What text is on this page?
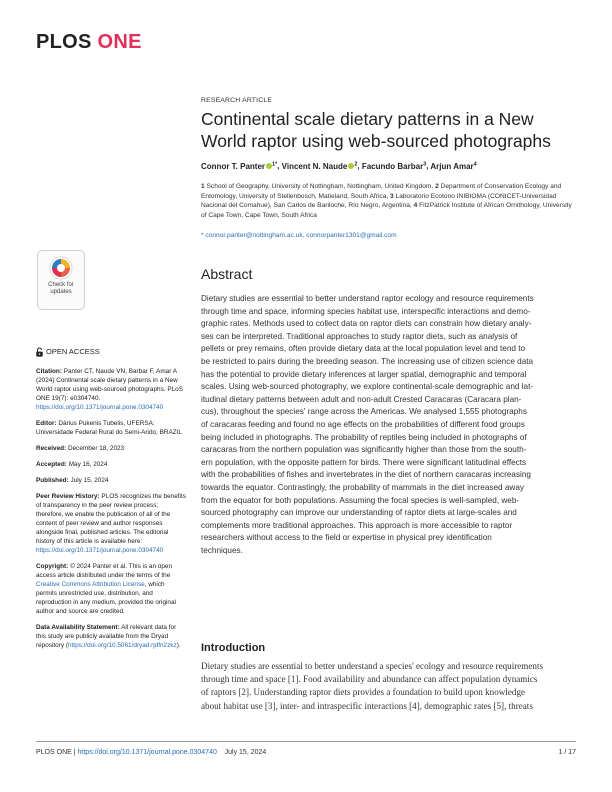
PLOS ONE
Check for
updates
OPEN ACCESS
Citation: Panter CT, Naude VN, Barbar F, Amar A (2024) Continental scale dietary patterns in a New World raptor using web-sourced photographs. PLoS ONE 19(7): e0304740. https://doi.org/10.1371/journal.pone.0304740
Editor: Dárius Pukenis Tubelis, UFERSA: Universidade Federal Rural do Semi-Arido, BRAZIL
Received: December 18, 2023
Accepted: May 16, 2024
Published: July 15, 2024
Peer Review History: PLOS recognizes the benefits of transparency in the peer review process; therefore, we enable the publication of all of the content of peer review and author responses alongside final, published articles. The editorial history of this article is available here: https://doi.org/10.1371/journal.pone.0304740
Copyright: © 2024 Panter et al. This is an open access article distributed under the terms of the Creative Commons Attribution License, which permits unrestricted use, distribution, and reproduction in any medium, provided the original author and source are credited.
Data Availability Statement: All relevant data for this study are publicly available from the Dryad repository (https://doi.org/10.5061/dryad.rjdfn2zkz).
RESEARCH ARTICLE
Continental scale dietary patterns in a New World raptor using web-sourced photographs
Connor T. Panter $^{1*}$, Vincent N. Naude $^2$, Facundo Barbar$^3$, Arjun Amar$^4$
1 School of Geography, University of Nottingham, Nottingham, United Kingdom, 2 Department of Conservation Ecology and Entomology, University of Stellenbosch, Matieland, South Africa, 3 Laboratorio Ecotono INIBIOMA (CONICET-Universidad Nacional del Comahue), San Carlos de Bariloche, Río Negro, Argentina, 4 FitzPatrick Institute of African Ornithology, University of Cape Town, Cape Town, South Africa
* connor.panter@nottingham.ac.uk, connorpanter1301@gmail.com
Abstract
Dietary studies are essential to better understand raptor ecology and resource requirements
through time and space, informing species habitat use, interspecific interactions and demo-
graphic rates. Methods used to collect data on raptor diets can constrain how dietary analy-
ses can be interpreted. Traditional approaches to study raptor diets, such as analysis of
pellets or prey remains, often provide dietary data at the local population level and tend to
be restricted to pairs during the breeding season. The increasing use of citizen science data
has the potential to provide dietary inferences at larger spatial, demographic and temporal
scales. Using web-sourced photography, we explore continental-scale demographic and lat-
itudinal dietary patterns between adult and non-adult Crested Caracaras (Caracara plan-
cus), throughout the species' range across the Americas. We analysed 1,555 photographs
of caracaras feeding and found no age effects on the probabilities of different food groups
being included in photographs. The probability of reptiles being included in photographs of
caracaras from the northern population was significantly higher than those from the south-
ern population, with the opposite pattern for birds. There were significant latitudinal effects
with the probabilities of fishes and invertebrates in the diet of northern caracaras increasing
towards the equator. Contrastingly, the probability of mammals in the diet increased away
from the equator for both populations. Assuming the focal species is well-sampled, web-
sourced photography can improve our understanding of raptor diets at large-scales and
complements more traditional approaches. This approach is more accessible to raptor
researchers without access to the field or expertise in physical prey identification
techniques.
Introduction
Dietary studies are essential to better understand a species' ecology and resource requirements
through time and space [1]. Food availability and abundance can affect population dynamics
of raptors [2]. Understanding raptor diets provides a foundation to build upon knowledge
about habitat use [3], inter- and intraspecific interactions [4], demographic rates [5], threats
PLOS ONE | https://doi.org/10.1371/journal.pone.0304740 July 15, 2024	1 / 17
